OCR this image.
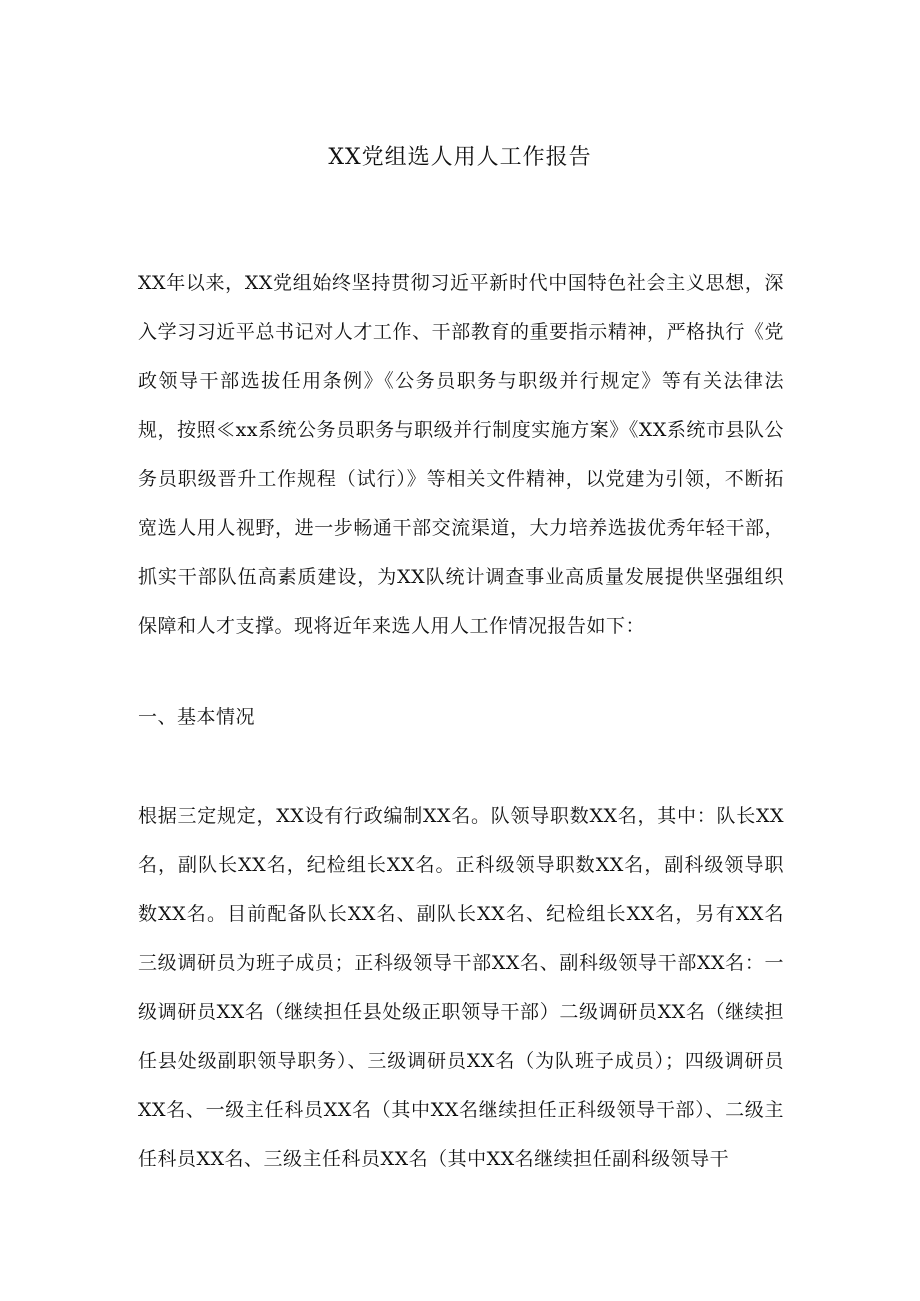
XX党组选人用人工作报告

XX年以来，XX党组始终坚持贯彻习近平新时代中国特色社会主义思想，深入学习习近平总书记对人才工作、干部教育的重要指示精神，严格执行《党政领导干部选拔任用条例》《公务员职务与职级并行规定》等有关法律法规，按照≪xx系统公务员职务与职级并行制度实施方案》《XX系统市县队公务员职级晋升工作规程（试行）》等相关文件精神，以党建为引领，不断拓宽选人用人视野，进一步畅通干部交流渠道，大力培养选拔优秀年轻干部，抓实干部队伍高素质建设，为XX队统计调查事业高质量发展提供坚强组织保障和人才支撑。现将近年来选人用人工作情况报告如下：

一、基本情况

根据三定规定，XX设有行政编制XX名。队领导职数XX名，其中：队长XX名，副队长XX名，纪检组长XX名。正科级领导职数XX名，副科级领导职数XX名。目前配备队长XX名、副队长XX名、纪检组长XX名，另有XX名三级调研员为班子成员；正科级领导干部XX名、副科级领导干部XX名：一级调研员XX名（继续担任县处级正职领导干部）二级调研员XX名（继续担任县处级副职领导职务）、三级调研员XX名（为队班子成员）；四级调研员XX名、一级主任科员XX名（其中XX名继续担任正科级领导干部）、二级主任科员XX名、三级主任科员XX名（其中XX名继续担任副科级领导干
